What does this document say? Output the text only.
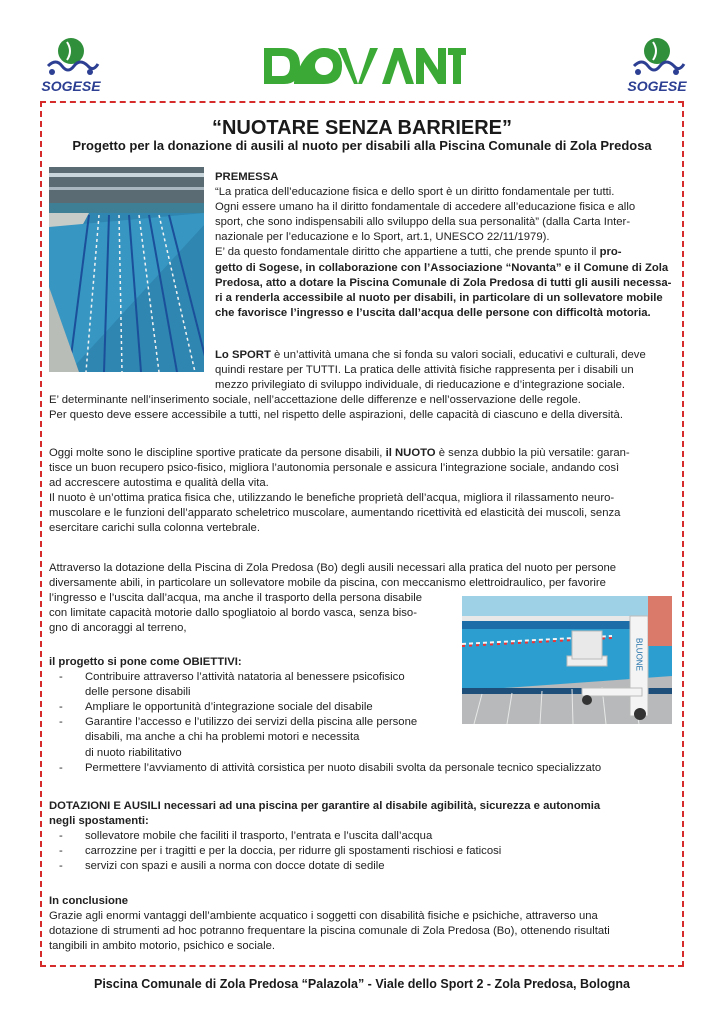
SOGESE	SOGESE
“NUOTARE SENZA BARRIERE”
Progetto per la donazione di ausili al nuoto per disabili alla Piscina Comunale di Zola Predosa

PREMESSA

“La pratica dell’educazione fisica e dello sport è un diritto fondamentale per tutti.

Ogni essere umano ha il diritto fondamentale di accedere all’educazione fisica e allo

sport, che sono indispensabili allo sviluppo della sua personalità” (dalla Carta Inter-

nazionale per l’educazione e lo Sport, art.1, UNESCO 22/11/1979).

E’ da questo fondamentale diritto che appartiene a tutti, che prende spunto il pro-

getto di Sogese, in collaborazione con l’Associazione “Novanta” e il Comune di Zola

Predosa, atto a dotare la Piscina Comunale di Zola Predosa di tutti gli ausili necessa-

ri a renderla accessibile al nuoto per disabili, in particolare di un sollevatore mobile

che favorisce l’ingresso e l’uscita dall’acqua delle persone con difficoltà motoria.

Lo SPORT è un’attività umana che si fonda su valori sociali, educativi e culturali, deve

quindi restare per TUTTI. La pratica delle attività fisiche rappresenta per i disabili un

mezzo privilegiato di sviluppo individuale, di rieducazione e d’integrazione sociale.

E’ determinante nell’inserimento sociale, nell’accettazione delle differenze e nell’osservazione delle regole.

Per questo deve essere accessibile a tutti, nel rispetto delle aspirazioni, delle capacità di ciascuno e della diversità.

Oggi molte sono le discipline sportive praticate da persone disabili, il NUOTO è senza dubbio la più versatile: garan-

tisce un buon recupero psico-fisico, migliora l’autonomia personale e assicura l’integrazione sociale, andando così

ad accrescere autostima e qualità della vita.

Il nuoto è un’ottima pratica fisica che, utilizzando le benefiche proprietà dell’acqua, migliora il rilassamento neuro-

muscolare e le funzioni dell’apparato scheletrico muscolare, aumentando ricettività ed elasticità dei muscoli, senza

esercitare carichi sulla colonna vertebrale.

Attraverso la dotazione della Piscina di Zola Predosa (Bo) degli ausili necessari alla pratica del nuoto per persone

diversamente abili, in particolare un sollevatore mobile da piscina, con meccanismo elettroidraulico, per favorire

l’ingresso e l’uscita dall’acqua, ma anche il trasporto della persona disabile

con limitate capacità motorie dallo spogliatoio al bordo vasca, senza biso-

gno di ancoraggi al terreno,

BLUONE

il progetto si pone come OBIETTIVI:

- Contribuire attraverso l’attività natatoria al benessere psicofisico
delle persone disabili
- Ampliare le opportunità d’integrazione sociale del disabile
- Garantire l’accesso e l’utilizzo dei servizi della piscina alle persone
disabili, ma anche a chi ha problemi motori e necessita
di nuoto riabilitativo
- Permettere l’avviamento di attività corsistica per nuoto disabili svolta da personale tecnico specializzato

DOTAZIONI E AUSILI necessari ad una piscina per garantire al disabile agibilità, sicurezza e autonomia

negli spostamenti:

- sollevatore mobile che faciliti il trasporto, l’entrata e l’uscita dall’acqua
- carrozzine per i tragitti e per la doccia, per ridurre gli spostamenti rischiosi e faticosi
- servizi con spazi e ausili a norma con docce dotate di sedile

In conclusione

Grazie agli enormi vantaggi dell’ambiente acquatico i soggetti con disabilità fisiche e psichiche, attraverso una

dotazione di strumenti ad hoc potranno frequentare la piscina comunale di Zola Predosa (Bo), ottenendo risultati

tangibili in ambito motorio, psichico e sociale.

Piscina Comunale di Zola Predosa “Palazola” - Viale dello Sport 2 - Zola Predosa, Bologna
